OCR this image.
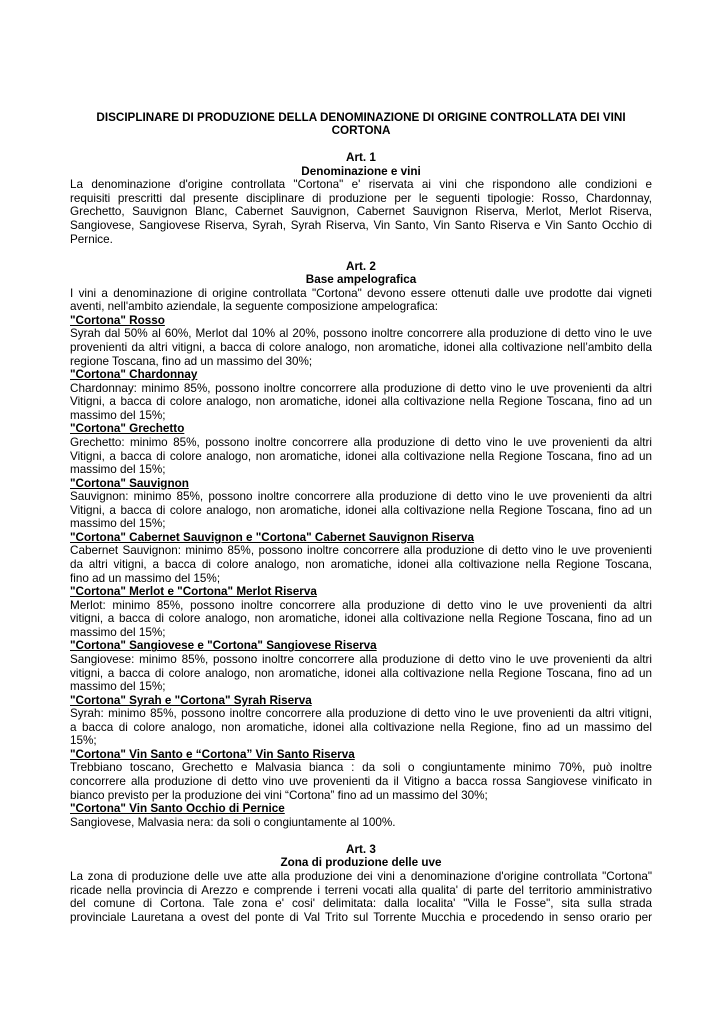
DISCIPLINARE DI PRODUZIONE DELLA DENOMINAZIONE DI ORIGINE CONTROLLATA DEI VINI
CORTONA
Art. 1
Denominazione e vini
La denominazione d'origine controllata "Cortona" e' riservata ai vini che rispondono alle condizioni e
requisiti prescritti dal presente disciplinare di produzione per le seguenti tipologie: Rosso, Chardonnay,
Grechetto, Sauvignon Blanc, Cabernet Sauvignon, Cabernet Sauvignon Riserva, Merlot, Merlot Riserva,
Sangiovese, Sangiovese Riserva, Syrah, Syrah Riserva, Vin Santo, Vin Santo Riserva e Vin Santo Occhio di
Pernice.
Art. 2
Base ampelografica
I vini a denominazione di origine controllata "Cortona" devono essere ottenuti dalle uve prodotte dai vigneti
aventi, nell'ambito aziendale, la seguente composizione ampelografica:
"Cortona" Rosso
Syrah dal 50% al 60%, Merlot dal 10% al 20%, possono inoltre concorrere alla produzione di detto vino le uve
provenienti da altri vitigni, a bacca di colore analogo, non aromatiche, idonei alla coltivazione nell’ambito della
regione Toscana, fino ad un massimo del 30%;
"Cortona" Chardonnay
Chardonnay: minimo 85%, possono inoltre concorrere alla produzione di detto vino le uve provenienti da altri
Vitigni, a bacca di colore analogo, non aromatiche, idonei alla coltivazione nella Regione Toscana, fino ad un
massimo del 15%;
"Cortona" Grechetto
Grechetto: minimo 85%, possono inoltre concorrere alla produzione di detto vino le uve provenienti da altri
Vitigni, a bacca di colore analogo, non aromatiche, idonei alla coltivazione nella Regione Toscana, fino ad un
massimo del 15%;
"Cortona" Sauvignon
Sauvignon: minimo 85%, possono inoltre concorrere alla produzione di detto vino le uve provenienti da altri
Vitigni, a bacca di colore analogo, non aromatiche, idonei alla coltivazione nella Regione Toscana, fino ad un
massimo del 15%;
"Cortona" Cabernet Sauvignon e "Cortona" Cabernet Sauvignon Riserva
Cabernet Sauvignon: minimo 85%, possono inoltre concorrere alla produzione di detto vino le uve provenienti
da altri vitigni, a bacca di colore analogo, non aromatiche, idonei alla coltivazione nella Regione Toscana,
fino ad un massimo del 15%;
"Cortona" Merlot e "Cortona" Merlot Riserva
Merlot: minimo 85%, possono inoltre concorrere alla produzione di detto vino le uve provenienti da altri
vitigni, a bacca di colore analogo, non aromatiche, idonei alla coltivazione nella Regione Toscana, fino ad un
massimo del 15%;
"Cortona" Sangiovese e "Cortona" Sangiovese Riserva
Sangiovese: minimo 85%, possono inoltre concorrere alla produzione di detto vino le uve provenienti da altri
vitigni, a bacca di colore analogo, non aromatiche, idonei alla coltivazione nella Regione Toscana, fino ad un
massimo del 15%;
"Cortona" Syrah e "Cortona" Syrah Riserva
Syrah: minimo 85%, possono inoltre concorrere alla produzione di detto vino le uve provenienti da altri vitigni,
a bacca di colore analogo, non aromatiche, idonei alla coltivazione nella Regione, fino ad un massimo del
15%;
"Cortona" Vin Santo e “Cortona” Vin Santo Riserva
Trebbiano toscano, Grechetto e Malvasia bianca : da soli o congiuntamente minimo 70%, può inoltre
concorrere alla produzione di detto vino uve provenienti da il Vitigno a bacca rossa Sangiovese vinificato in
bianco previsto per la produzione dei vini “Cortona” fino ad un massimo del 30%;
"Cortona" Vin Santo Occhio di Pernice
Sangiovese, Malvasia nera: da soli o congiuntamente al 100%.
Art. 3
Zona di produzione delle uve
La zona di produzione delle uve atte alla produzione dei vini a denominazione d'origine controllata "Cortona"
ricade nella provincia di Arezzo e comprende i terreni vocati alla qualita' di parte del territorio amministrativo
del comune di Cortona. Tale zona e' cosi' delimitata: dalla localita' "Villa le Fosse", sita sulla strada
provinciale Lauretana a ovest del ponte di Val Trito sul Torrente Mucchia e procedendo in senso orario per
